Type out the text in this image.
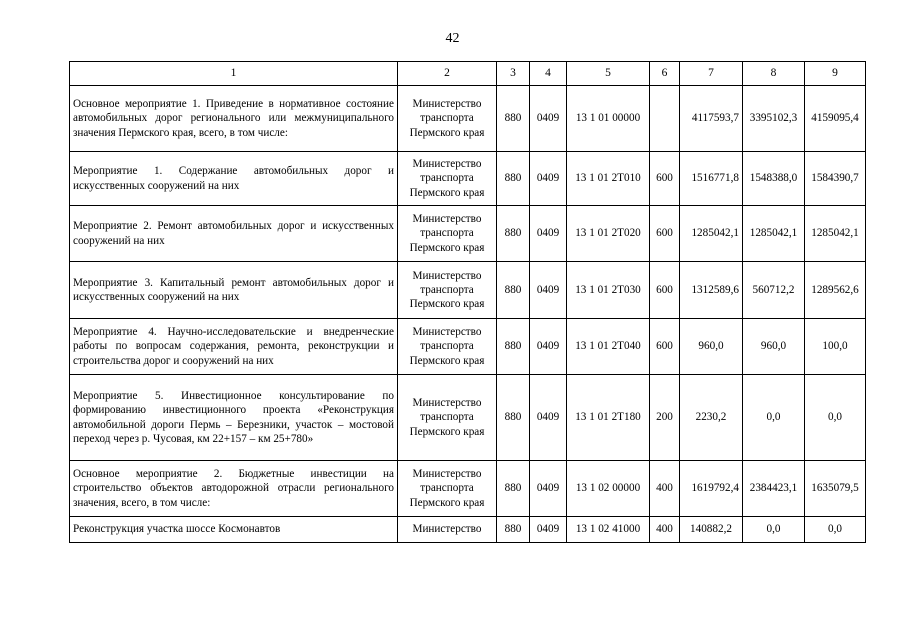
42
1	2	3	4	5	6	7	8	9
Основное мероприятие 1. Приведение в нормативное состояние автомобильных дорог регионального или межмуниципального значения Пермского края, всего, в том числе:	Министерство транспорта Пермского края	880	0409	13 1 01 00000		4117593,7	3395102,3	4159095,4
Мероприятие 1. Содержание автомобильных дорог и искусственных сооружений на них	Министерство транспорта Пермского края	880	0409	13 1 01 2Т010	600	1516771,8	1548388,0	1584390,7
Мероприятие 2. Ремонт автомобильных дорог и искусственных сооружений на них	Министерство транспорта Пермского края	880	0409	13 1 01 2Т020	600	1285042,1	1285042,1	1285042,1
Мероприятие 3. Капитальный ремонт автомобильных дорог и искусственных сооружений на них	Министерство транспорта Пермского края	880	0409	13 1 01 2Т030	600	1312589,6	560712,2	1289562,6
Мероприятие 4. Научно-исследовательские и внедренческие работы по вопросам содержания, ремонта, реконструкции и строительства дорог и сооружений на них	Министерство транспорта Пермского края	880	0409	13 1 01 2Т040	600	960,0	960,0	100,0
Мероприятие 5. Инвестиционное консультирование по формированию инвестиционного проекта «Реконструкция автомобильной дороги Пермь – Березники, участок – мостовой переход через р. Чусовая, км 22+157 – км 25+780»	Министерство транспорта Пермского края	880	0409	13 1 01 2Т180	200	2230,2	0,0	0,0
Основное мероприятие 2. Бюджетные инвестиции на строительство объектов автодорожной отрасли регионального значения, всего, в том числе:	Министерство транспорта Пермского края	880	0409	13 1 02 00000	400	1619792,4	2384423,1	1635079,5
Реконструкция участка шоссе Космонавтов	Министерство	880	0409	13 1 02 41000	400	140882,2	0,0	0,0
